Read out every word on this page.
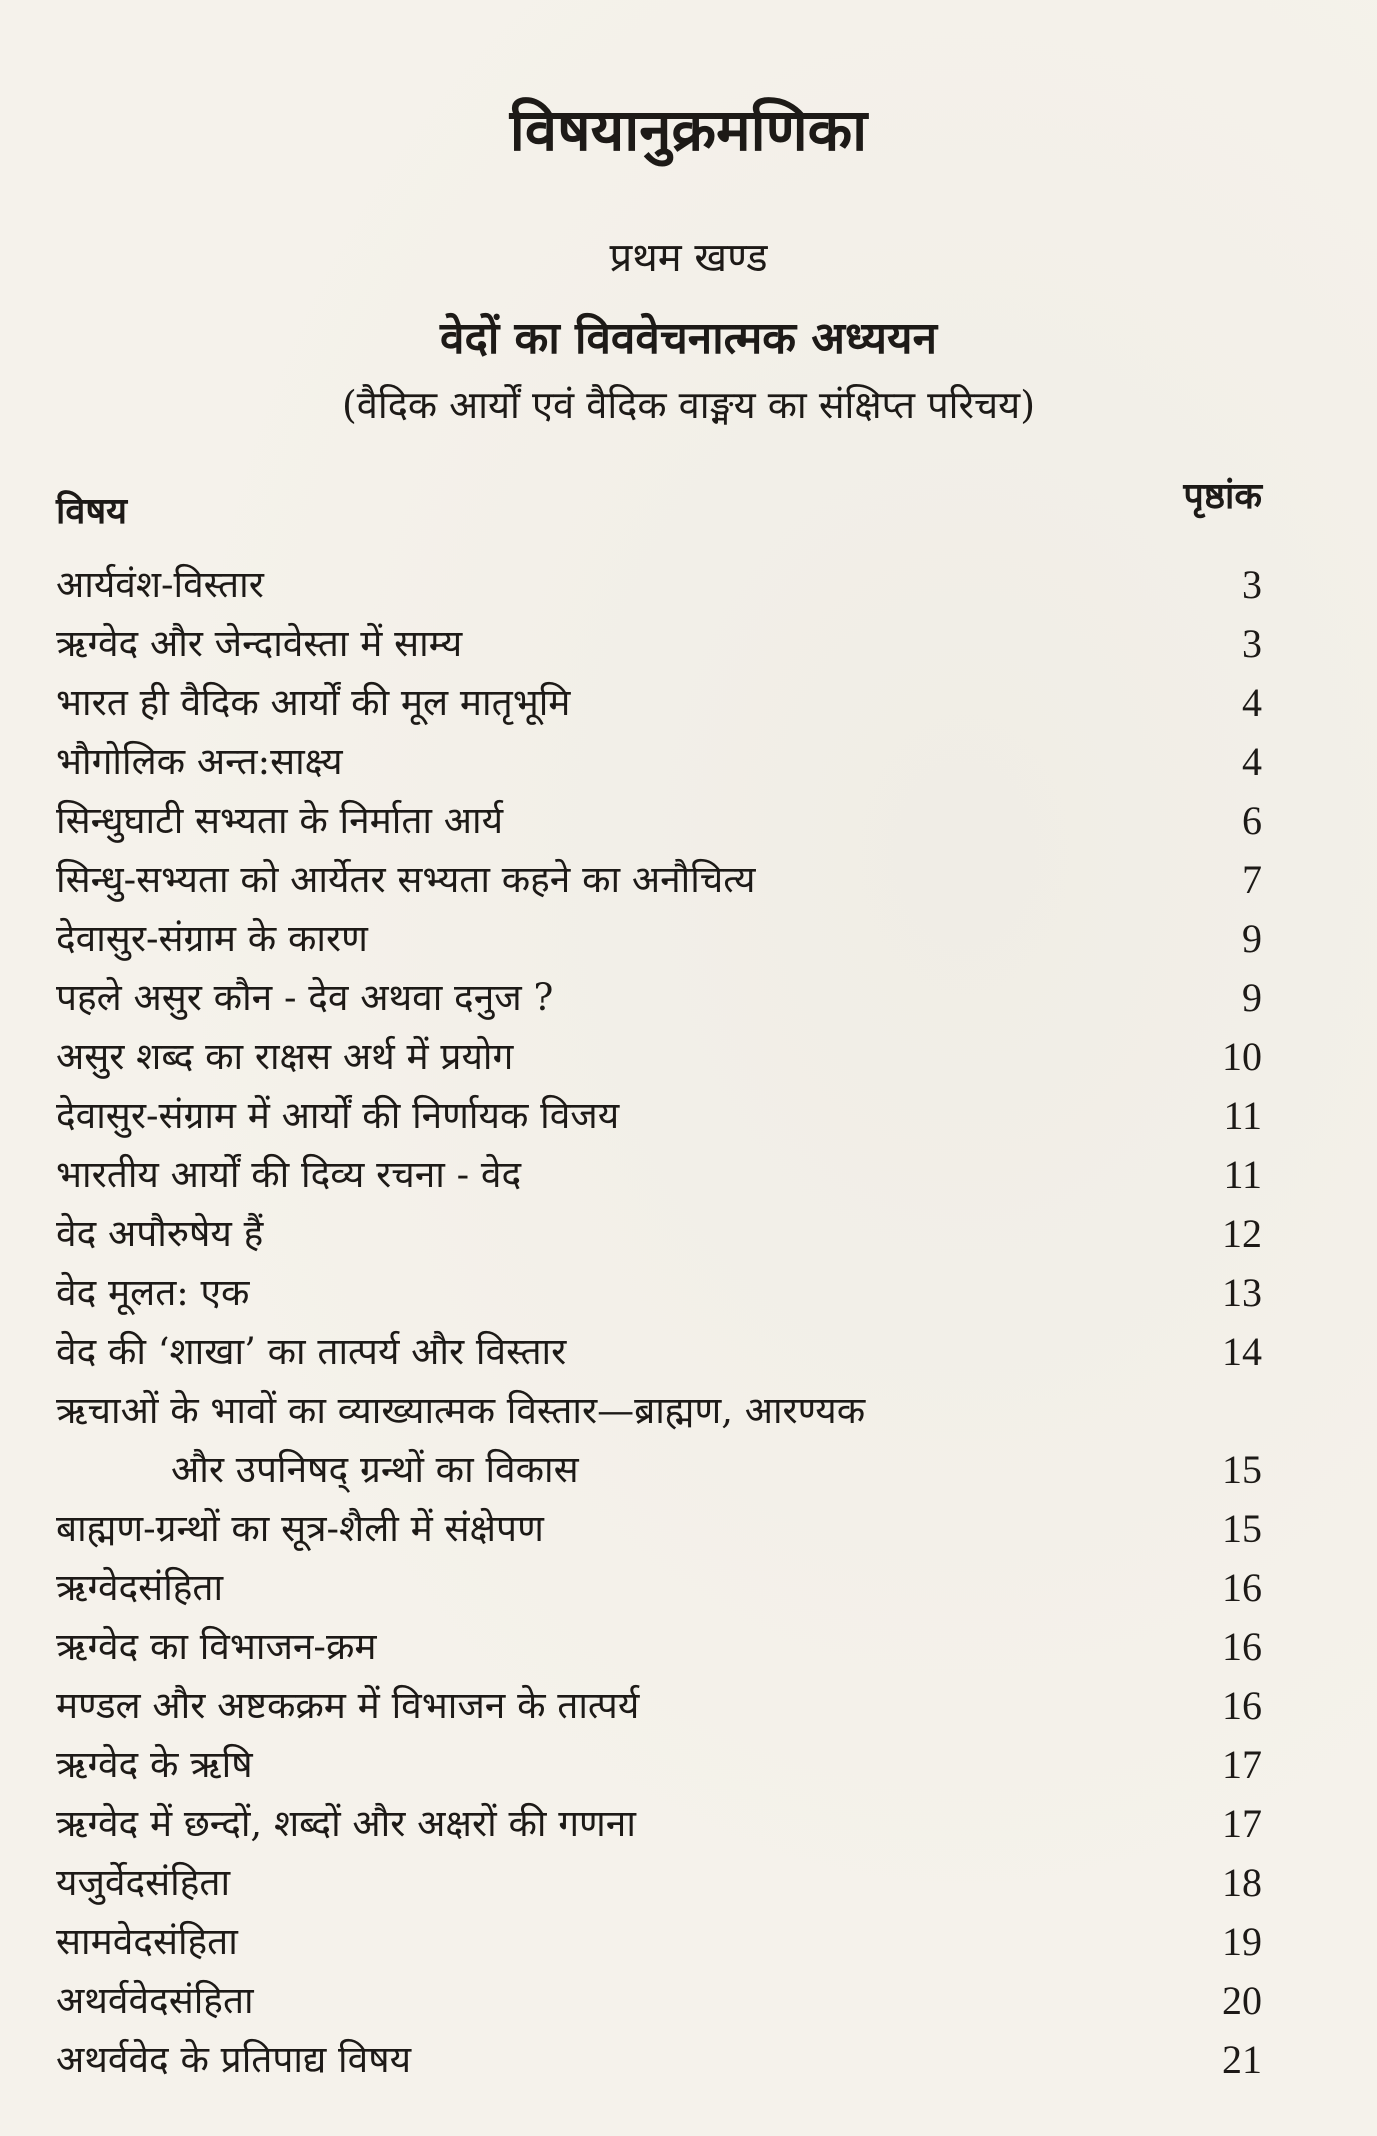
विषयानुक्रमणिका
प्रथम खण्ड
वेदों का विववेचनात्मक अध्ययन
(वैदिक आर्यों एवं वैदिक वाङ्मय का संक्षिप्त परिचय)
विषय	पृष्ठांक
आर्यवंश-विस्तार	3
ऋग्वेद और जेन्दावेस्ता में साम्य	3
भारत ही वैदिक आर्यों की मूल मातृभूमि	4
भौगोलिक अन्त:साक्ष्य	4
सिन्धुघाटी सभ्यता के निर्माता आर्य	6
सिन्धु-सभ्यता को आर्येतर सभ्यता कहने का अनौचित्य	7
देवासुर-संग्राम के कारण	9
पहले असुर कौन - देव अथवा दनुज ?	9
असुर शब्द का राक्षस अर्थ में प्रयोग	10
देवासुर-संग्राम में आर्यों की निर्णायक विजय	11
भारतीय आर्यों की दिव्य रचना - वेद	11
वेद अपौरुषेय हैं	12
वेद मूलत: एक	13
वेद की ‘शाखा’ का तात्पर्य और विस्तार	14
ऋचाओं के भावों का व्याख्यात्मक विस्तार—ब्राह्मण, आरण्यक
और उपनिषद् ग्रन्थों का विकास	15
बाह्मण-ग्रन्थों का सूत्र-शैली में संक्षेपण	15
ऋग्वेदसंहिता	16
ऋग्वेद का विभाजन-क्रम	16
मण्डल और अष्टकक्रम में विभाजन के तात्पर्य	16
ऋग्वेद के ऋषि	17
ऋग्वेद में छन्दों, शब्दों और अक्षरों की गणना	17
यजुर्वेदसंहिता	18
सामवेदसंहिता	19
अथर्ववेदसंहिता	20
अथर्ववेद के प्रतिपाद्य विषय	21
